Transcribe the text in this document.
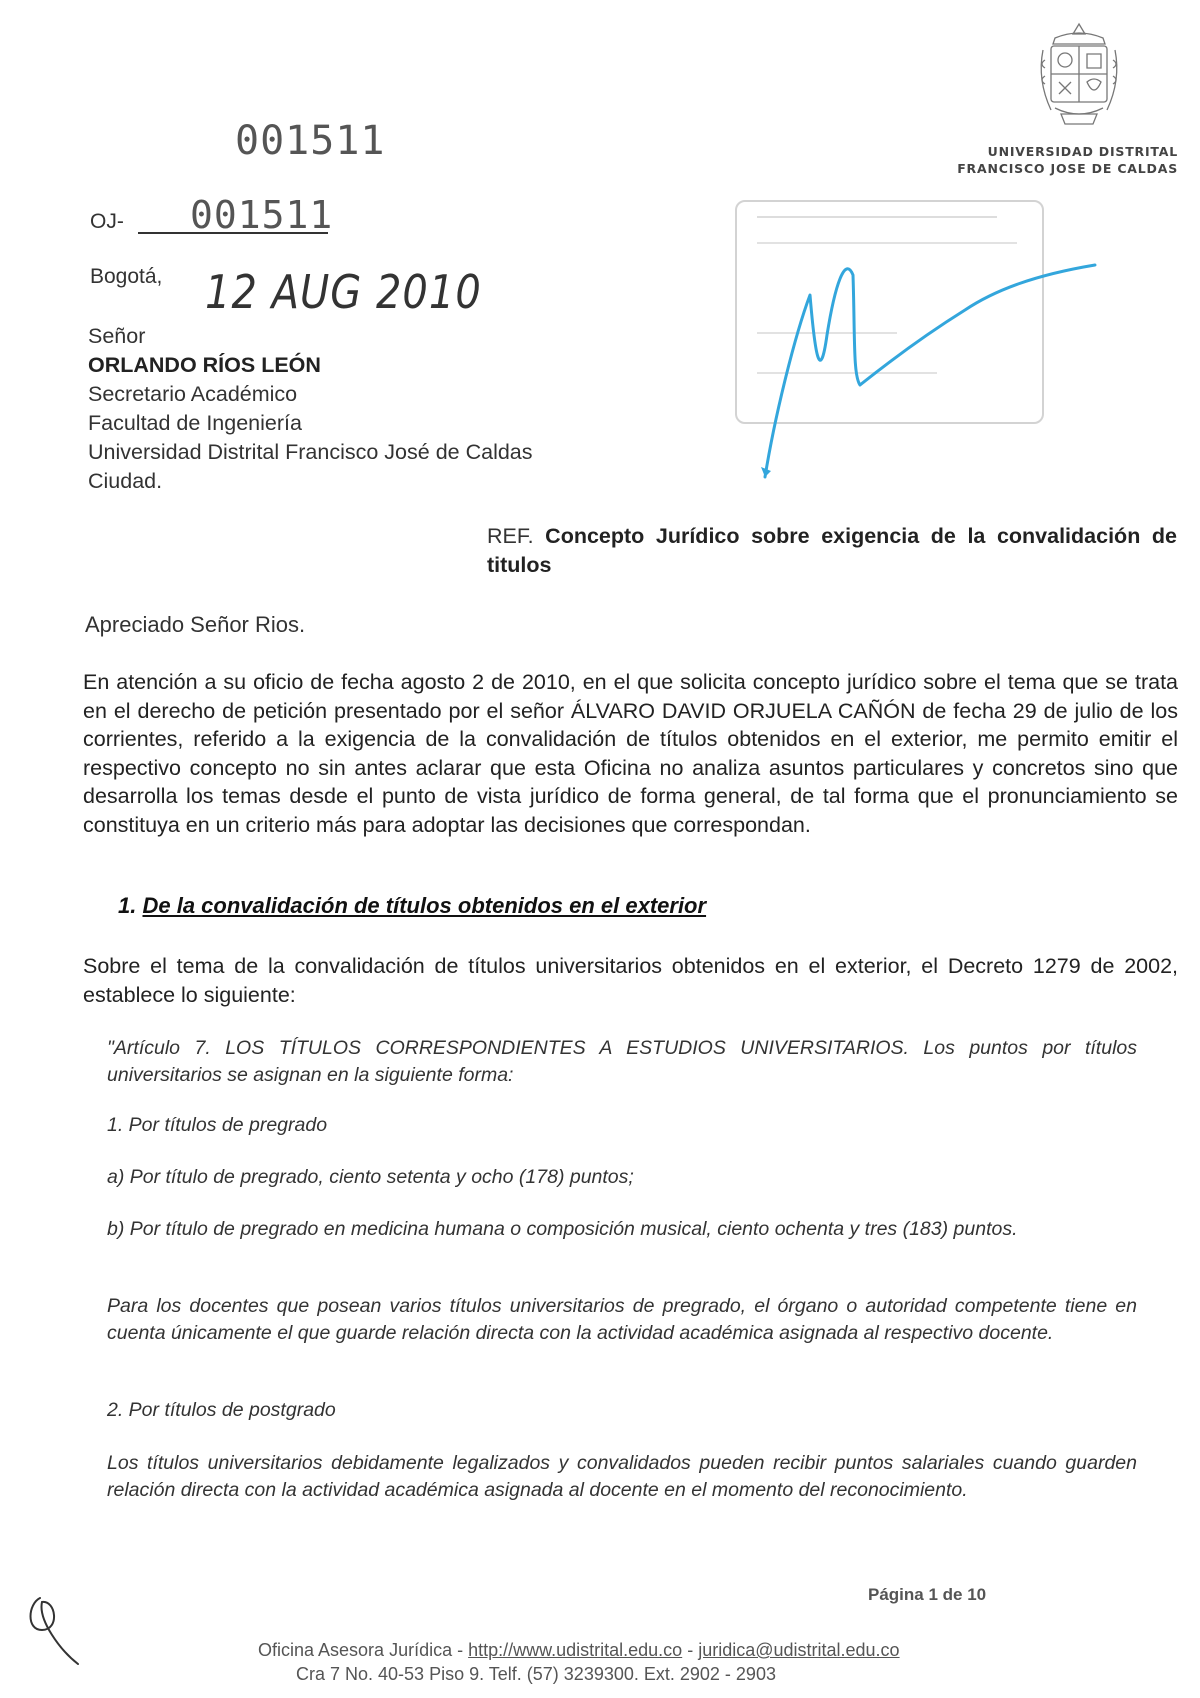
UNIVERSIDAD DISTRITAL
FRANCISCO JOSE DE CALDAS
001511
OJ- 001511
Bogotá, 12 AUG 2010
Señor
ORLANDO RÍOS LEÓN
Secretario Académico
Facultad de Ingeniería
Universidad Distrital Francisco José de Caldas
Ciudad.
REF. Concepto Jurídico sobre exigencia de la convalidación de titulos
Apreciado Señor Rios.
En atención a su oficio de fecha agosto 2 de 2010, en el que solicita concepto jurídico sobre el tema que se trata en el derecho de petición presentado por el señor ÁLVARO DAVID ORJUELA CAÑÓN de fecha 29 de julio de los corrientes, referido a la exigencia de la convalidación de títulos obtenidos en el exterior, me permito emitir el respectivo concepto no sin antes aclarar que esta Oficina no analiza asuntos particulares y concretos sino que desarrolla los temas desde el punto de vista jurídico de forma general, de tal forma que el pronunciamiento se constituya en un criterio más para adoptar las decisiones que correspondan.
1. De la convalidación de títulos obtenidos en el exterior
Sobre el tema de la convalidación de títulos universitarios obtenidos en el exterior, el Decreto 1279 de 2002, establece lo siguiente:
"Artículo 7. LOS TÍTULOS CORRESPONDIENTES A ESTUDIOS UNIVERSITARIOS. Los puntos por títulos universitarios se asignan en la siguiente forma:
1. Por títulos de pregrado
a) Por título de pregrado, ciento setenta y ocho (178) puntos;
b) Por título de pregrado en medicina humana o composición musical, ciento ochenta y tres (183) puntos.
Para los docentes que posean varios títulos universitarios de pregrado, el órgano o autoridad competente tiene en cuenta únicamente el que guarde relación directa con la actividad académica asignada al respectivo docente.
2. Por títulos de postgrado
Los títulos universitarios debidamente legalizados y convalidados pueden recibir puntos salariales cuando guarden relación directa con la actividad académica asignada al docente en el momento del reconocimiento.
Página 1 de 10
Oficina Asesora Jurídica - http://www.udistrital.edu.co - juridica@udistrital.edu.co
Cra 7 No. 40-53 Piso 9. Telf. (57) 3239300. Ext. 2902 - 2903
